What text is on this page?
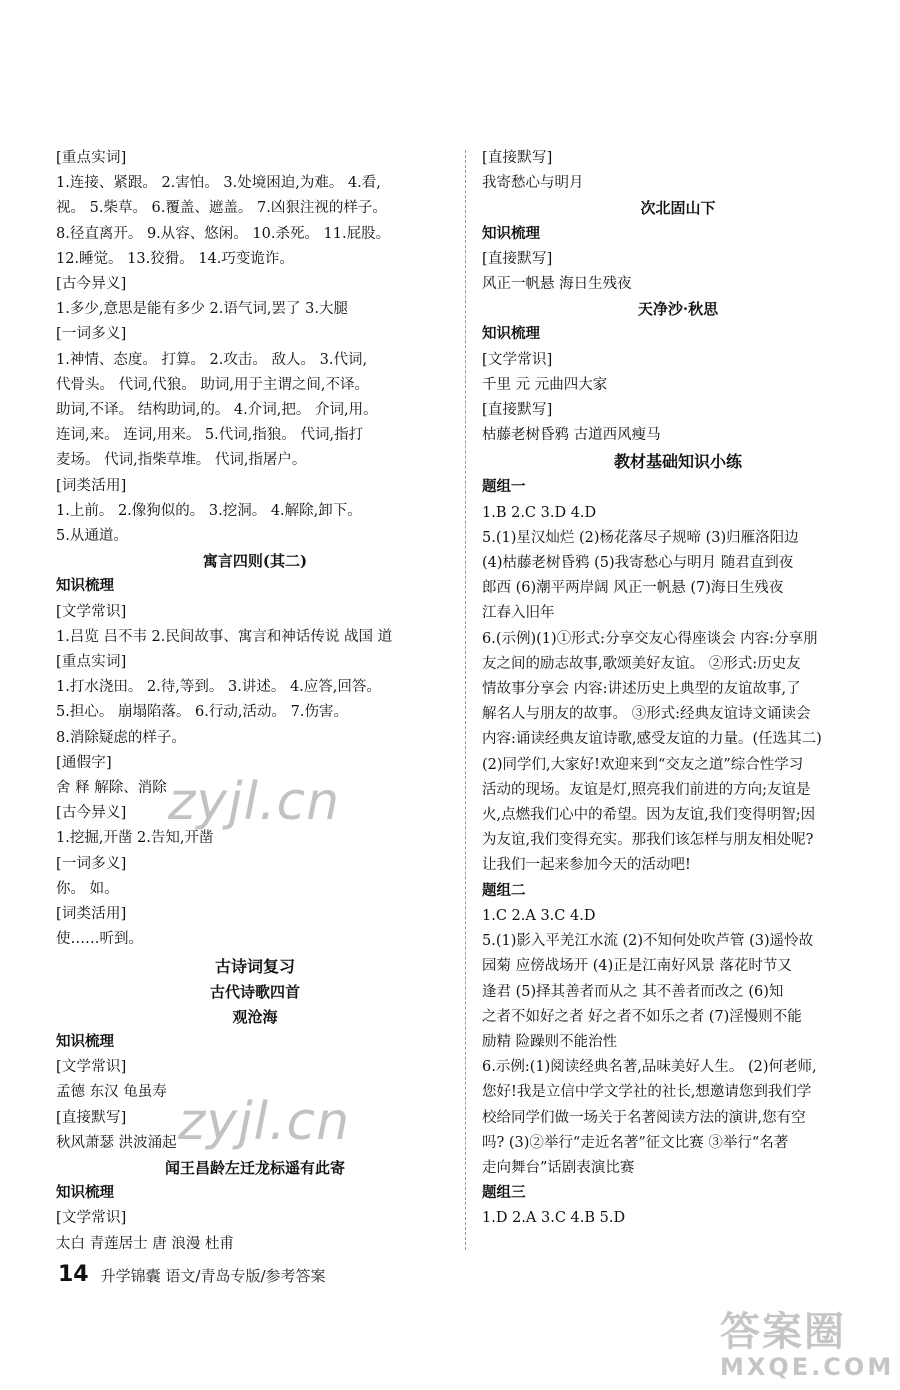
[重点实词]
1.连接、紧跟。 2.害怕。 3.处境困迫,为难。 4.看,
视。 5.柴草。 6.覆盖、遮盖。 7.凶狠注视的样子。
8.径直离开。 9.从容、悠闲。 10.杀死。 11.屁股。
12.睡觉。 13.狡猾。 14.巧变诡诈。
[古今异义]
1.多少,意思是能有多少 2.语气词,罢了 3.大腿
[一词多义]
1.神情、态度。 打算。 2.攻击。 敌人。 3.代词,
代骨头。 代词,代狼。 助词,用于主谓之间,不译。
助词,不译。 结构助词,的。 4.介词,把。 介词,用。
连词,来。 连词,用来。 5.代词,指狼。 代词,指打
麦场。 代词,指柴草堆。 代词,指屠户。
[词类活用]
1.上前。 2.像狗似的。 3.挖洞。 4.解除,卸下。
5.从通道。
寓言四则(其二)
知识梳理
[文学常识]
1.吕览 吕不韦 2.民间故事、寓言和神话传说 战国 道
[重点实词]
1.打水浇田。 2.待,等到。 3.讲述。 4.应答,回答。
5.担心。 崩塌陷落。 6.行动,活动。 7.伤害。
8.消除疑虑的样子。
[通假字]
舍 释 解除、消除
[古今异义]
1.挖掘,开凿 2.告知,开凿
[一词多义]
你。 如。
[词类活用]
使……听到。
古诗词复习
古代诗歌四首
观沧海
知识梳理
[文学常识]
孟德 东汉 龟虽寿
[直接默写]
秋风萧瑟 洪波涌起
闻王昌龄左迁龙标遥有此寄
知识梳理
[文学常识]
太白 青莲居士 唐 浪漫 杜甫
[直接默写]
我寄愁心与明月
次北固山下
知识梳理
[直接默写]
风正一帆悬 海日生残夜
天净沙·秋思
知识梳理
[文学常识]
千里 元 元曲四大家
[直接默写]
枯藤老树昏鸦 古道西风瘦马
教材基础知识小练
题组一
1.B 2.C 3.D 4.D
5.(1)星汉灿烂 (2)杨花落尽子规啼 (3)归雁洛阳边
(4)枯藤老树昏鸦 (5)我寄愁心与明月 随君直到夜
郎西 (6)潮平两岸阔 风正一帆悬 (7)海日生残夜
江春入旧年
6.(示例)(1)①形式:分享交友心得座谈会 内容:分享朋
友之间的励志故事,歌颂美好友谊。 ②形式:历史友
情故事分享会 内容:讲述历史上典型的友谊故事,了
解名人与朋友的故事。 ③形式:经典友谊诗文诵读会
内容:诵读经典友谊诗歌,感受友谊的力量。(任选其二)
(2)同学们,大家好!欢迎来到“交友之道”综合性学习
活动的现场。友谊是灯,照亮我们前进的方向;友谊是
火,点燃我们心中的希望。因为友谊,我们变得明智;因
为友谊,我们变得充实。那我们该怎样与朋友相处呢?
让我们一起来参加今天的活动吧!
题组二
1.C 2.A 3.C 4.D
5.(1)影入平羌江水流 (2)不知何处吹芦管 (3)遥怜故
园菊 应傍战场开 (4)正是江南好风景 落花时节又
逢君 (5)择其善者而从之 其不善者而改之 (6)知
之者不如好之者 好之者不如乐之者 (7)淫慢则不能
励精 险躁则不能治性
6.示例:(1)阅读经典名著,品味美好人生。 (2)何老师,
您好!我是立信中学文学社的社长,想邀请您到我们学
校给同学们做一场关于名著阅读方法的演讲,您有空
吗? (3)②举行“走近名著”征文比赛 ③举行“名著
走向舞台”话剧表演比赛
题组三
1.D 2.A 3.C 4.B 5.D
14 升学锦囊 语文/青岛专版/参考答案
zyjl.cn
zyjl.cn
答案圈
MXQE.COM
